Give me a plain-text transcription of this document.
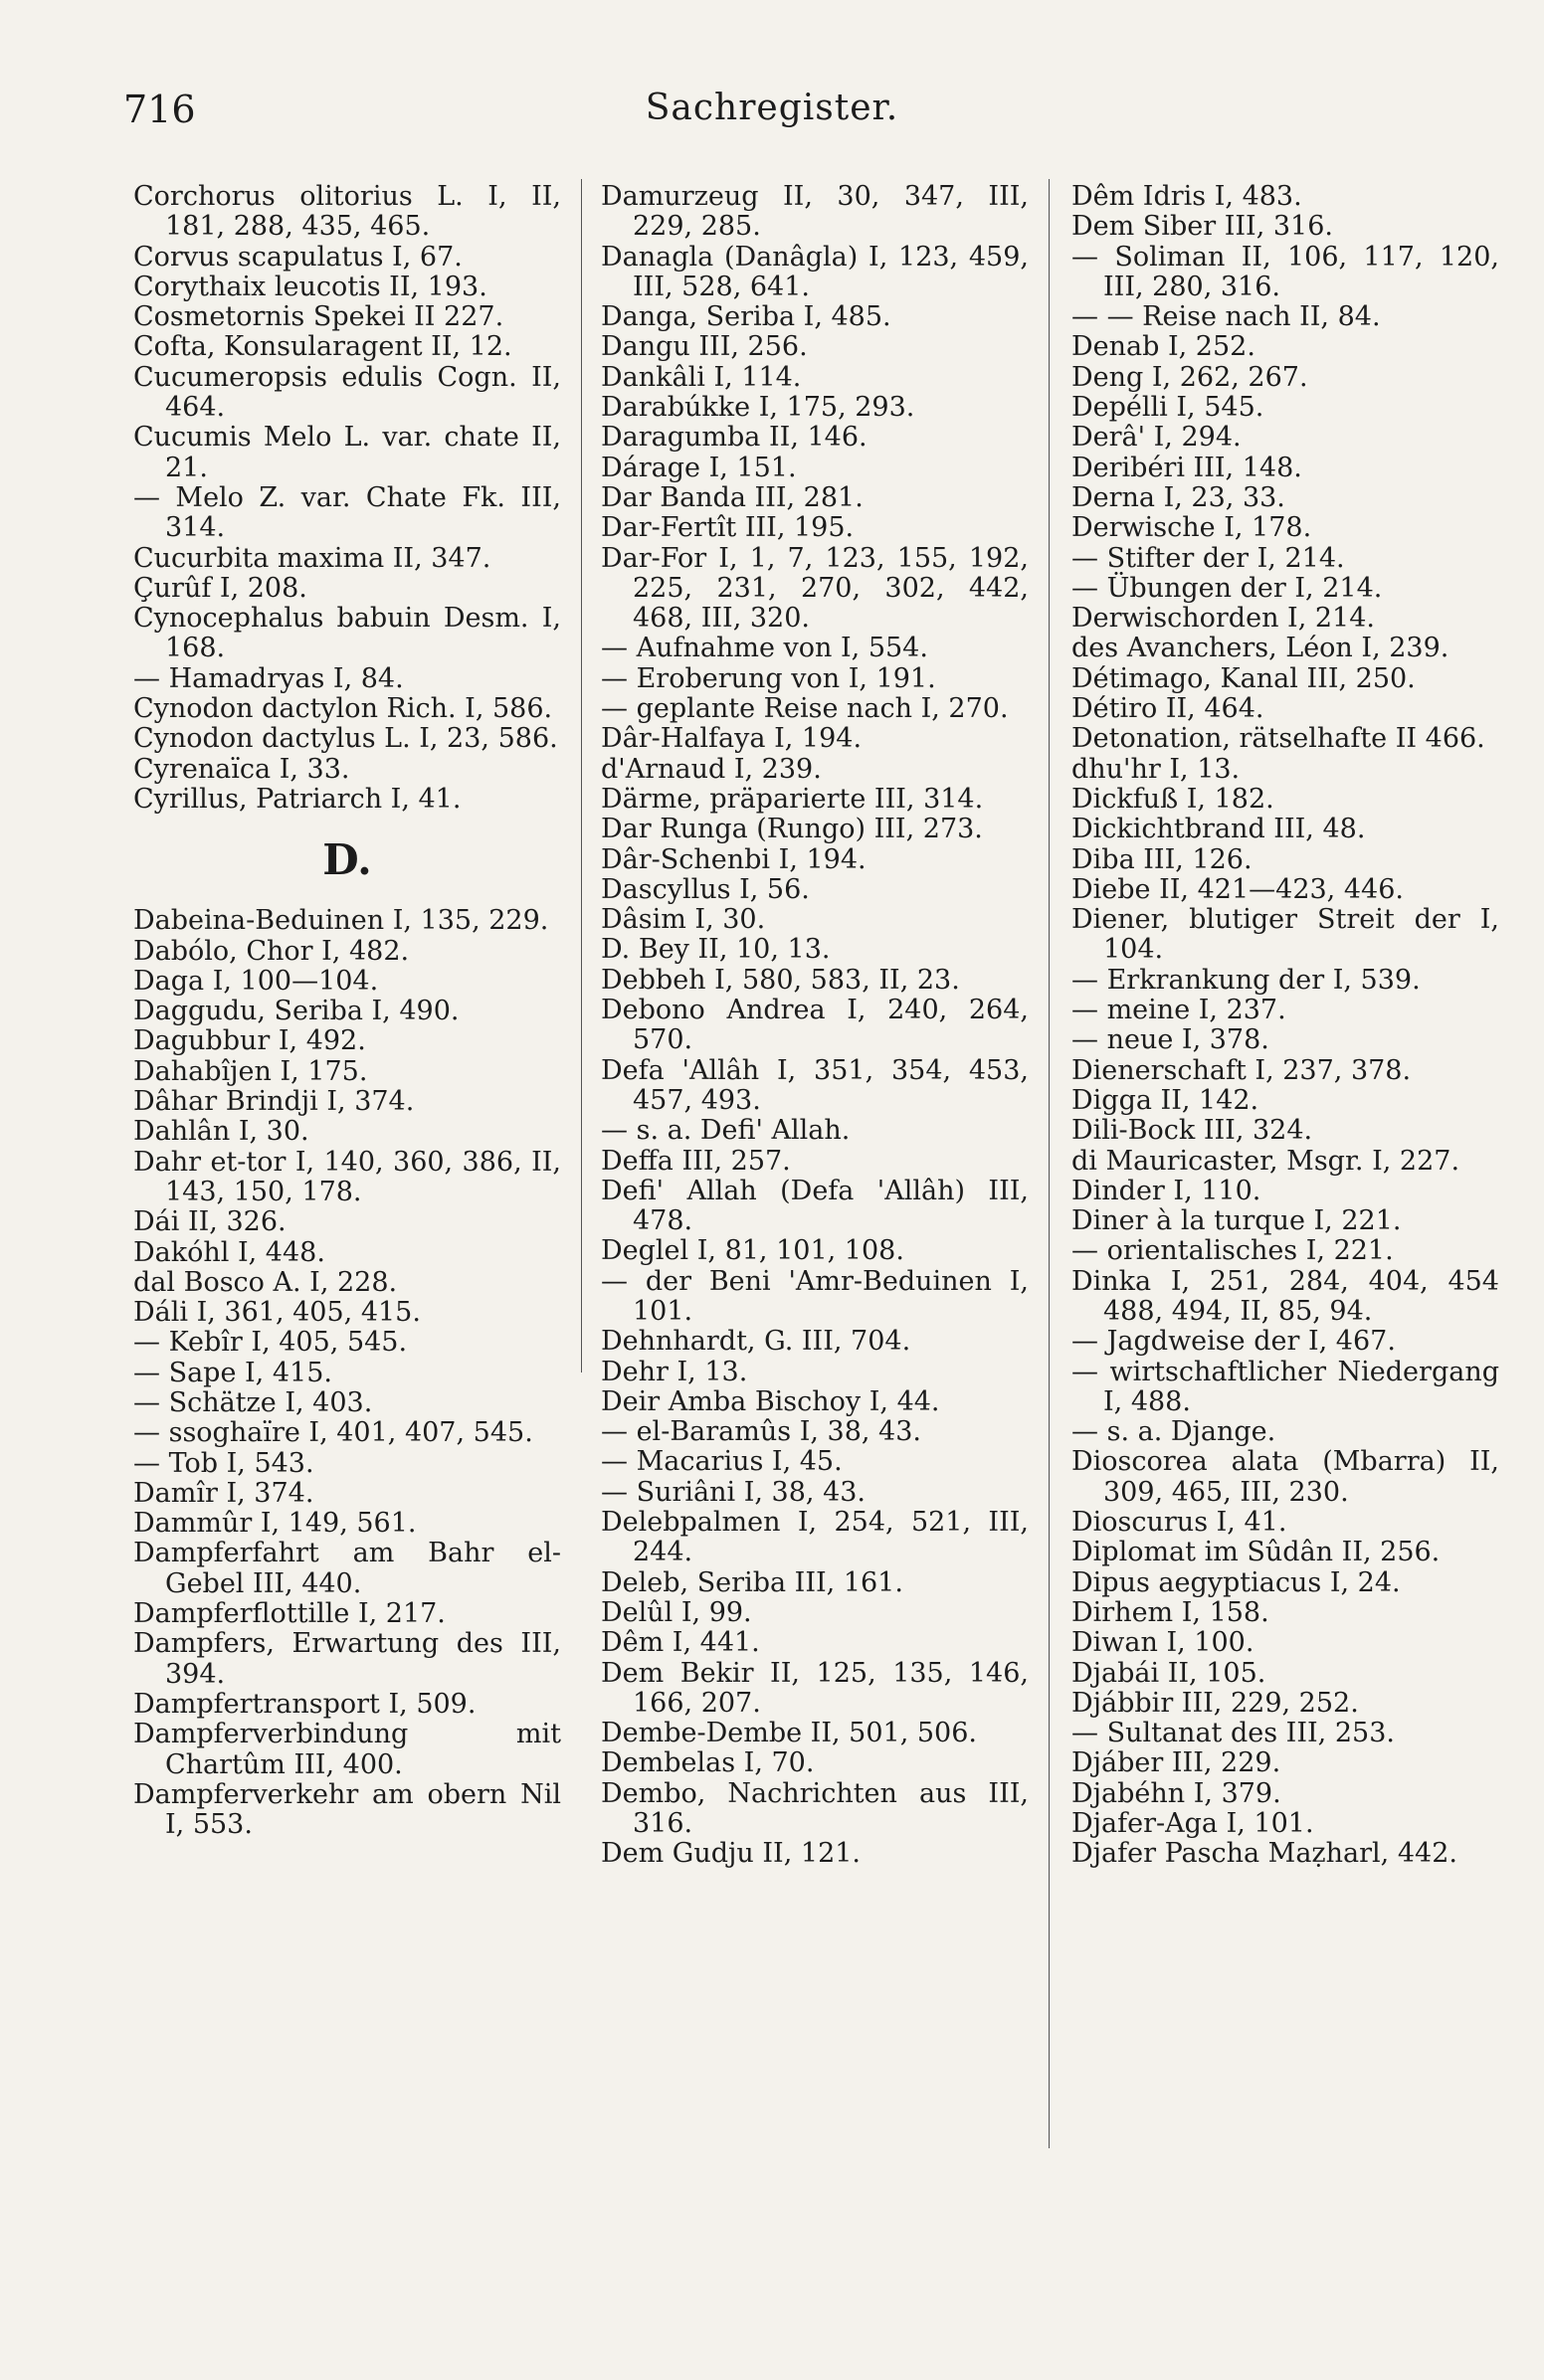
716	Sachregister.
Corchorus olitorius L. I, II, 181, 288, 435, 465.
Corvus scapulatus I, 67.
Corythaix leucotis II, 193.
Cosmetornis Spekei II 227.
Cofta, Konsularagent II, 12.
Cucumeropsis edulis Cogn. II, 464.
Cucumis Melo L. var. chate II, 21.
— Melo Z. var. Chate Fk. III, 314.
Cucurbita maxima II, 347.
Çurûf I, 208.
Cynocephalus babuin Desm. I, 168.
— Hamadryas I, 84.
Cynodon dactylon Rich. I, 586.
Cynodon dactylus L. I, 23, 586.
Cyrenaïca I, 33.
Cyrillus, Patriarch I, 41.
D.
Dabeina-Beduinen I, 135, 229.
Dabólo, Chor I, 482.
Daga I, 100—104.
Daggudu, Seriba I, 490.
Dagubbur I, 492.
Dahabîjen I, 175.
Dâhar Brindji I, 374.
Dahlân I, 30.
Dahr et-tor I, 140, 360, 386, II, 143, 150, 178.
Dái II, 326.
Dakóhl I, 448.
dal Bosco A. I, 228.
Dáli I, 361, 405, 415.
— Kebîr I, 405, 545.
— Sape I, 415.
— Schätze I, 403.
— ssoghaïre I, 401, 407, 545.
— Tob I, 543.
Damîr I, 374.
Dammûr I, 149, 561.
Dampferfahrt am Bahr el-Gebel III, 440.
Dampferflottille I, 217.
Dampfers, Erwartung des III, 394.
Dampfertransport I, 509.
Dampferverbindung mit Chartûm III, 400.
Dampferverkehr am obern Nil I, 553.
Damurzeug II, 30, 347, III, 229, 285.
Danagla (Danâgla) I, 123, 459, III, 528, 641.
Danga, Seriba I, 485.
Dangu III, 256.
Dankâli I, 114.
Darabúkke I, 175, 293.
Daragumba II, 146.
Dárage I, 151.
Dar Banda III, 281.
Dar-Fertît III, 195.
Dar-For I, 1, 7, 123, 155, 192, 225, 231, 270, 302, 442, 468, III, 320.
— Aufnahme von I, 554.
— Eroberung von I, 191.
— geplante Reise nach I, 270.
Dâr-Halfaya I, 194.
d'Arnaud I, 239.
Därme, präparierte III, 314.
Dar Runga (Rungo) III, 273.
Dâr-Schenbi I, 194.
Dascyllus I, 56.
Dâsim I, 30.
D. Bey II, 10, 13.
Debbeh I, 580, 583, II, 23.
Debono Andrea I, 240, 264, 570.
Defa 'Allâh I, 351, 354, 453, 457, 493.
— s. a. Defi' Allah.
Deffa III, 257.
Defi' Allah (Defa 'Allâh) III, 478.
Deglel I, 81, 101, 108.
— der Beni 'Amr-Beduinen I, 101.
Dehnhardt, G. III, 704.
Dehr I, 13.
Deir Amba Bischoy I, 44.
— el-Baramûs I, 38, 43.
— Macarius I, 45.
— Suriâni I, 38, 43.
Delebpalmen I, 254, 521, III, 244.
Deleb, Seriba III, 161.
Delûl I, 99.
Dêm I, 441.
Dem Bekir II, 125, 135, 146, 166, 207.
Dembe-Dembe II, 501, 506.
Dembelas I, 70.
Dembo, Nachrichten aus III, 316.
Dem Gudju II, 121.
Dêm Idris I, 483.
Dem Siber III, 316.
— Soliman II, 106, 117, 120, III, 280, 316.
— — Reise nach II, 84.
Denab I, 252.
Deng I, 262, 267.
Depélli I, 545.
Derâ' I, 294.
Deribéri III, 148.
Derna I, 23, 33.
Derwische I, 178.
— Stifter der I, 214.
— Übungen der I, 214.
Derwischorden I, 214.
des Avanchers, Léon I, 239.
Détimago, Kanal III, 250.
Détiro II, 464.
Detonation, rätselhafte II 466.
dhu'hr I, 13.
Dickfuß I, 182.
Dickichtbrand III, 48.
Diba III, 126.
Diebe II, 421—423, 446.
Diener, blutiger Streit der I, 104.
— Erkrankung der I, 539.
— meine I, 237.
— neue I, 378.
Dienerschaft I, 237, 378.
Digga II, 142.
Dili-Bock III, 324.
di Mauricaster, Msgr. I, 227.
Dinder I, 110.
Diner à la turque I, 221.
— orientalisches I, 221.
Dinka I, 251, 284, 404, 454 488, 494, II, 85, 94.
— Jagdweise der I, 467.
— wirtschaftlicher Niedergang I, 488.
— s. a. Djange.
Dioscorea alata (Mbarra) II, 309, 465, III, 230.
Dioscurus I, 41.
Diplomat im Sûdân II, 256.
Dipus aegyptiacus I, 24.
Dirhem I, 158.
Diwan I, 100.
Djabái II, 105.
Djábbir III, 229, 252.
— Sultanat des III, 253.
Djáber III, 229.
Djabéhn I, 379.
Djafer-Aga I, 101.
Djafer Pascha Maẓharl, 442.
